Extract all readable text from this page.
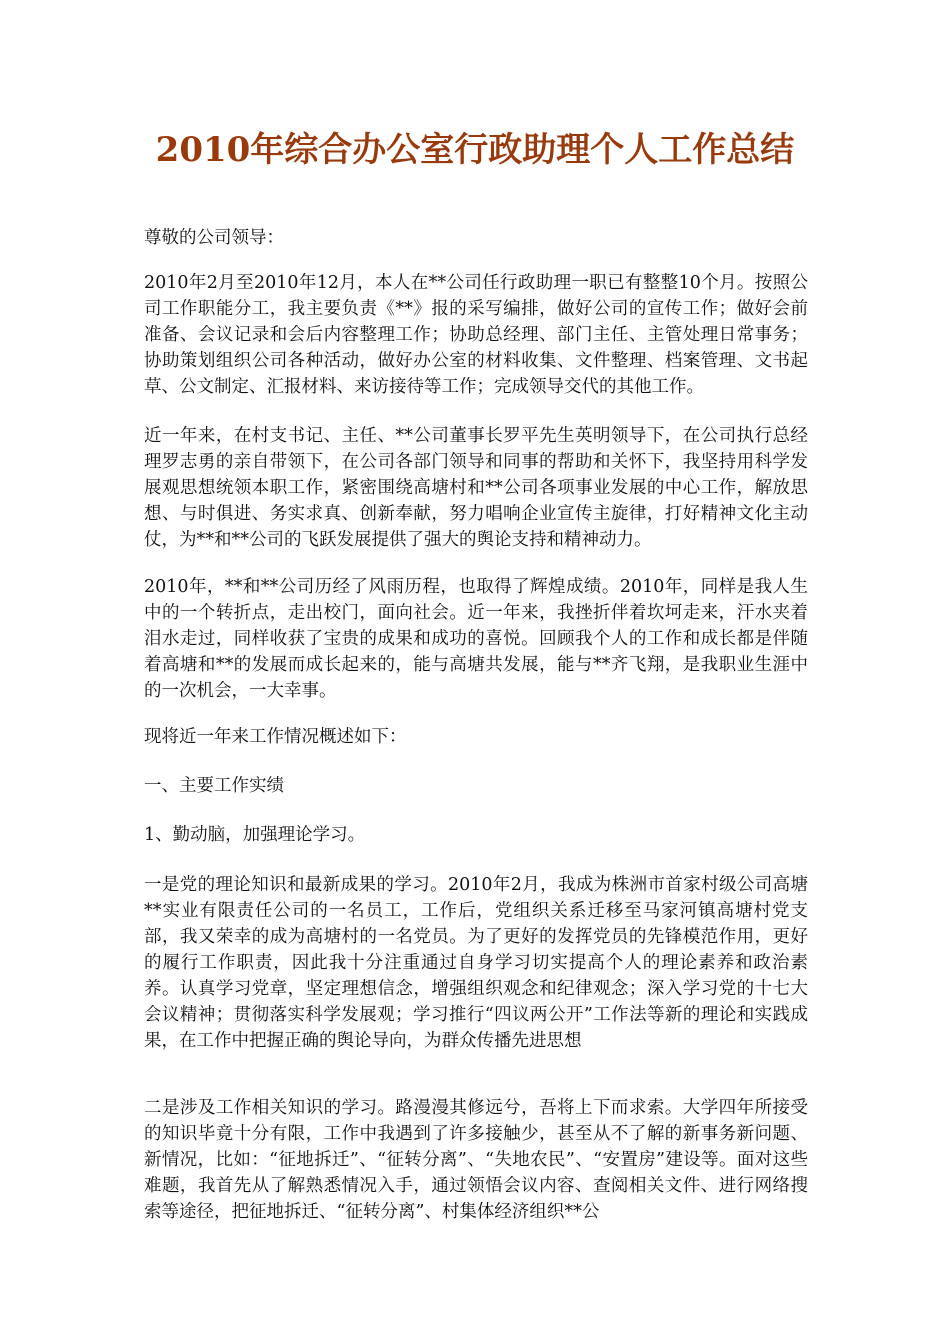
2010年综合办公室行政助理个人工作总结

尊敬的公司领导：

2010年2月至2010年12月，本人在**公司任行政助理一职已有整整10个月。按照公司工作职能分工，我主要负责《**》报的采写编排，做好公司的宣传工作；做好会前准备、会议记录和会后内容整理工作；协助总经理、部门主任、主管处理日常事务；协助策划组织公司各种活动，做好办公室的材料收集、文件整理、档案管理、文书起草、公文制定、汇报材料、来访接待等工作；完成领导交代的其他工作。

近一年来，在村支书记、主任、**公司董事长罗平先生英明领导下，在公司执行总经理罗志勇的亲自带领下，在公司各部门领导和同事的帮助和关怀下，我坚持用科学发展观思想统领本职工作，紧密围绕高塘村和**公司各项事业发展的中心工作，解放思想、与时俱进、务实求真、创新奉献，努力唱响企业宣传主旋律，打好精神文化主动仗，为**和**公司的飞跃发展提供了强大的舆论支持和精神动力。

2010年，**和**公司历经了风雨历程，也取得了辉煌成绩。2010年，同样是我人生中的一个转折点，走出校门，面向社会。近一年来，我挫折伴着坎坷走来，汗水夹着泪水走过，同样收获了宝贵的成果和成功的喜悦。回顾我个人的工作和成长都是伴随着高塘和**的发展而成长起来的，能与高塘共发展，能与**齐飞翔，是我职业生涯中的一次机会，一大幸事。

现将近一年来工作情况概述如下：

一、主要工作实绩

1、勤动脑，加强理论学习。

一是党的理论知识和最新成果的学习。2010年2月，我成为株洲市首家村级公司高塘**实业有限责任公司的一名员工，工作后，党组织关系迁移至马家河镇高塘村党支部，我又荣幸的成为高塘村的一名党员。为了更好的发挥党员的先锋模范作用，更好的履行工作职责，因此我十分注重通过自身学习切实提高个人的理论素养和政治素养。认真学习党章，坚定理想信念，增强组织观念和纪律观念；深入学习党的十七大会议精神；贯彻落实科学发展观；学习推行“四议两公开”工作法等新的理论和实践成果，在工作中把握正确的舆论导向，为群众传播先进思想

二是涉及工作相关知识的学习。路漫漫其修远兮，吾将上下而求索。大学四年所接受的知识毕竟十分有限，工作中我遇到了许多接触少，甚至从不了解的新事务新问题、新情况，比如：“征地拆迁”、“征转分离”、“失地农民”、“安置房”建设等。面对这些难题，我首先从了解熟悉情况入手，通过领悟会议内容、查阅相关文件、进行网络搜索等途径，把征地拆迁、“征转分离”、村集体经济组织**公
